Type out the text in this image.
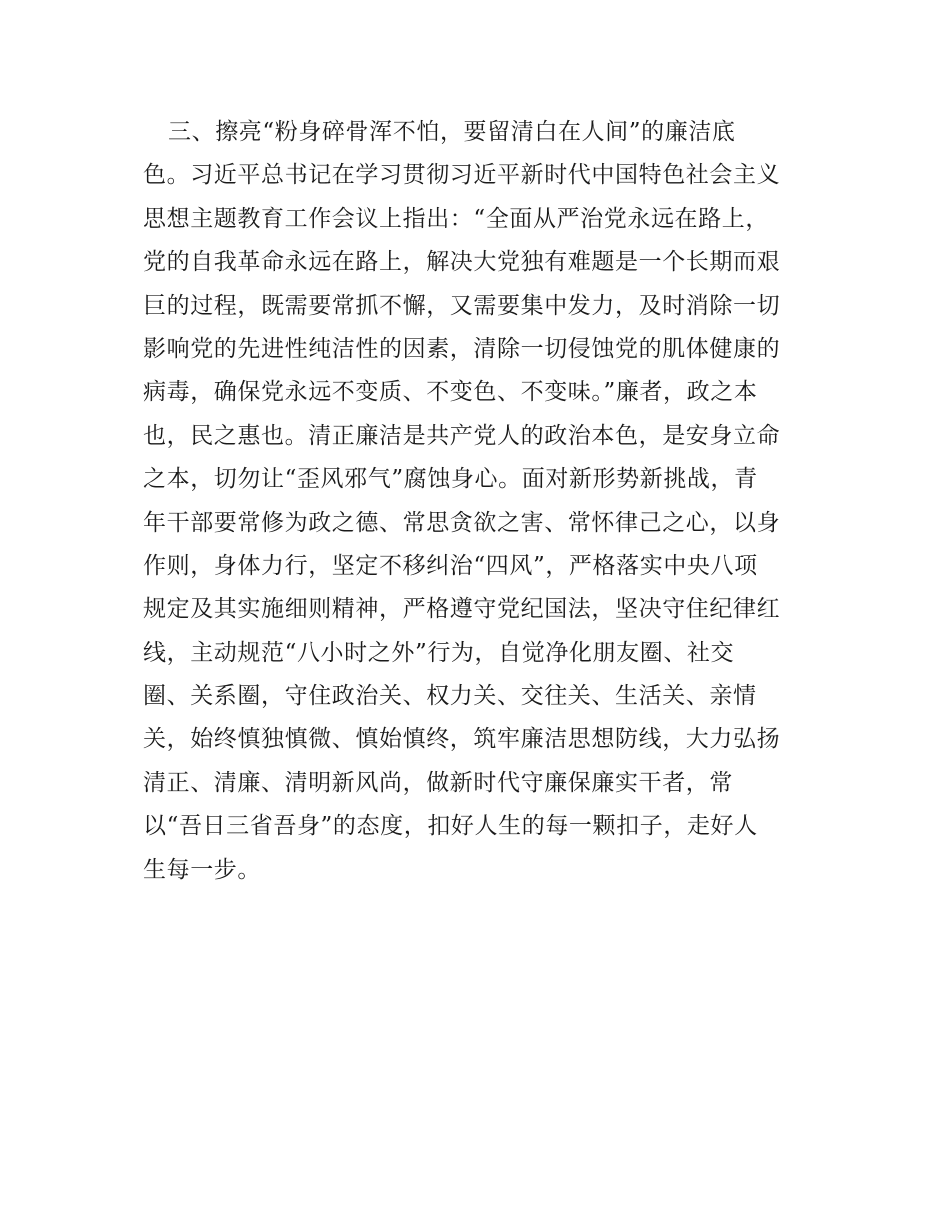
三、擦亮“粉身碎骨浑不怕，要留清白在人间”的廉洁底
色。习近平总书记在学习贯彻习近平新时代中国特色社会主义
思想主题教育工作会议上指出：“全面从严治党永远在路上，
党的自我革命永远在路上，解决大党独有难题是一个长期而艰
巨的过程，既需要常抓不懈，又需要集中发力，及时消除一切
影响党的先进性纯洁性的因素，清除一切侵蚀党的肌体健康的
病毒，确保党永远不变质、不变色、不变味。”廉者，政之本
也，民之惠也。清正廉洁是共产党人的政治本色，是安身立命
之本，切勿让“歪风邪气”腐蚀身心。面对新形势新挑战，青
年干部要常修为政之德、常思贪欲之害、常怀律己之心，以身
作则，身体力行，坚定不移纠治“四风”，严格落实中央八项
规定及其实施细则精神，严格遵守党纪国法，坚决守住纪律红
线，主动规范“八小时之外”行为，自觉净化朋友圈、社交
圈、关系圈，守住政治关、权力关、交往关、生活关、亲情
关，始终慎独慎微、慎始慎终，筑牢廉洁思想防线，大力弘扬
清正、清廉、清明新风尚，做新时代守廉保廉实干者，常
以“吾日三省吾身”的态度，扣好人生的每一颗扣子，走好人
生每一步。
